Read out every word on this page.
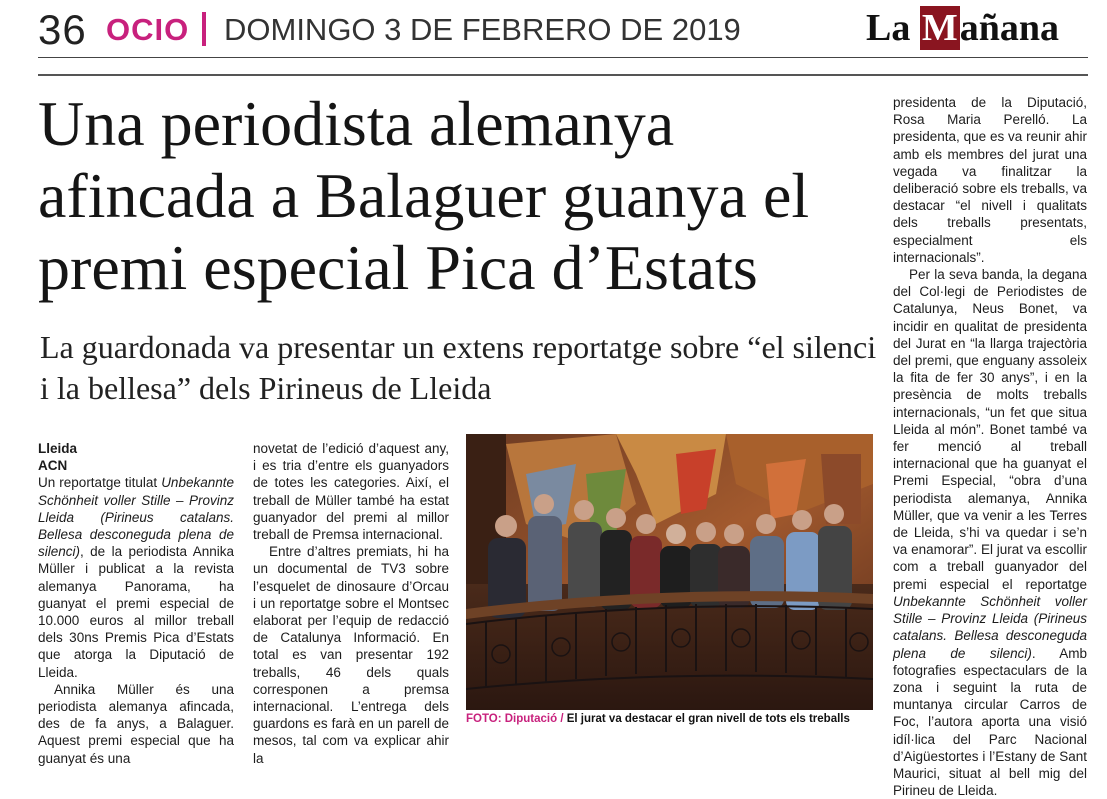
36 OCIO DOMINGO 3 DE FEBRERO DE 2019	La Mañana
Una periodista alemanya afincada a Balaguer guanya el premi especial Pica d’Estats
La guardonada va presentar un extens reportatge sobre “el silenci i la bellesa” dels Pirineus de Lleida

Lleida

ACN

Un reportatge titulat Unbekannte Schönheit voller Stille – Provinz Lleida (Pirineus catalans. Bellesa desconeguda plena de silenci), de la periodista Annika Müller i publicat a la revista alemanya Panorama, ha guanyat el premi especial de 10.000 euros al millor treball dels 30ns Premis Pica d’Estats que atorga la Diputació de Lleida.

Annika Müller és una periodista alemanya afincada, des de fa anys, a Balaguer. Aquest premi especial que ha guanyat és una

novetat de l’edició d’aquest any, i es tria d’entre els guanyadors de totes les categories. Així, el treball de Müller també ha estat guanyador del premi al millor treball de Premsa internacional.

Entre d’altres premiats, hi ha un documental de TV3 sobre l’esquelet de dinosaure d’Orcau i un reportatge sobre el Montsec elaborat per l’equip de redacció de Catalunya Informació. En total es van presentar 192 treballs, 46 dels quals corresponen a premsa internacional. L’entrega dels guardons es farà en un parell de mesos, tal com va explicar ahir la

FOTO: Diputació / El jurat va destacar el gran nivell de tots els treballs

presidenta de la Diputació, Rosa Maria Perelló. La presidenta, que es va reunir ahir amb els membres del jurat una vegada va finalitzar la deliberació sobre els treballs, va destacar “el nivell i qualitats dels treballs presentats, especialment els internacionals”.

Per la seva banda, la degana del Col·legi de Periodistes de Catalunya, Neus Bonet, va incidir en qualitat de presidenta del Jurat en “la llarga trajectòria del premi, que enguany assoleix la fita de fer 30 anys”, i en la presència de molts treballs internacionals, “un fet que situa Lleida al món”. Bonet també va fer menció al treball internacional que ha guanyat el Premi Especial, “obra d’una periodista alemanya, Annika Müller, que va venir a les Terres de Lleida, s’hi va quedar i se’n va enamorar”. El jurat va escollir com a treball guanyador del premi especial el reportatge Unbekannte Schönheit voller Stille – Provinz Lleida (Pirineus catalans. Bellesa desconeguda plena de silenci). Amb fotografies espectaculars de la zona i seguint la ruta de muntanya circular Carros de Foc, l’autora aporta una visió idíl·lica del Parc Nacional d’Aigüestortes i l’Estany de Sant Maurici, situat al bell mig del Pirineu de Lleida.
